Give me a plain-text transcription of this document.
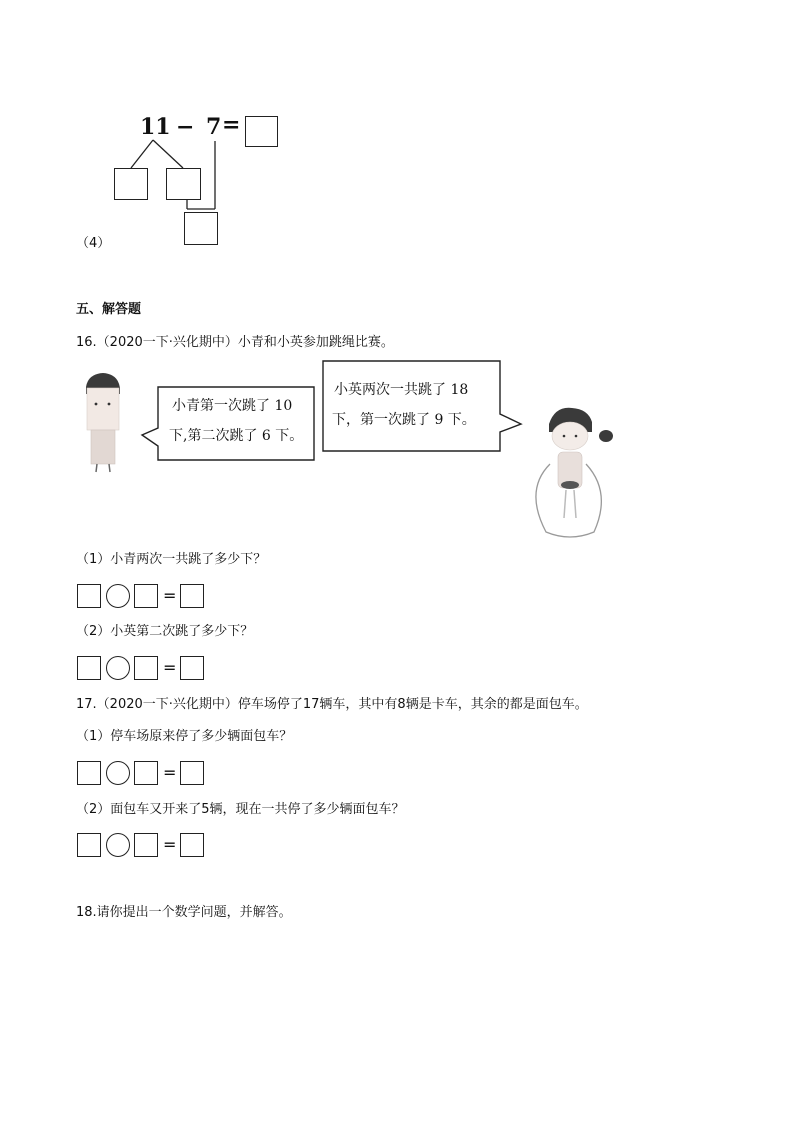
11 − 7 =
（4）
五、解答题
16.（2020一下·兴化期中）小青和小英参加跳绳比赛。
小青第一次跳了 10
下,第二次跳了 6 下。
小英两次一共跳了 18
下，第一次跳了 9 下。
（1）小青两次一共跳了多少下？
=
（2）小英第二次跳了多少下？
=
17.（2020一下·兴化期中）停车场停了17辆车，其中有8辆是卡车，其余的都是面包车。
（1）停车场原来停了多少辆面包车？
=
（2）面包车又开来了5辆，现在一共停了多少辆面包车？
=
18.请你提出一个数学问题，并解答。
